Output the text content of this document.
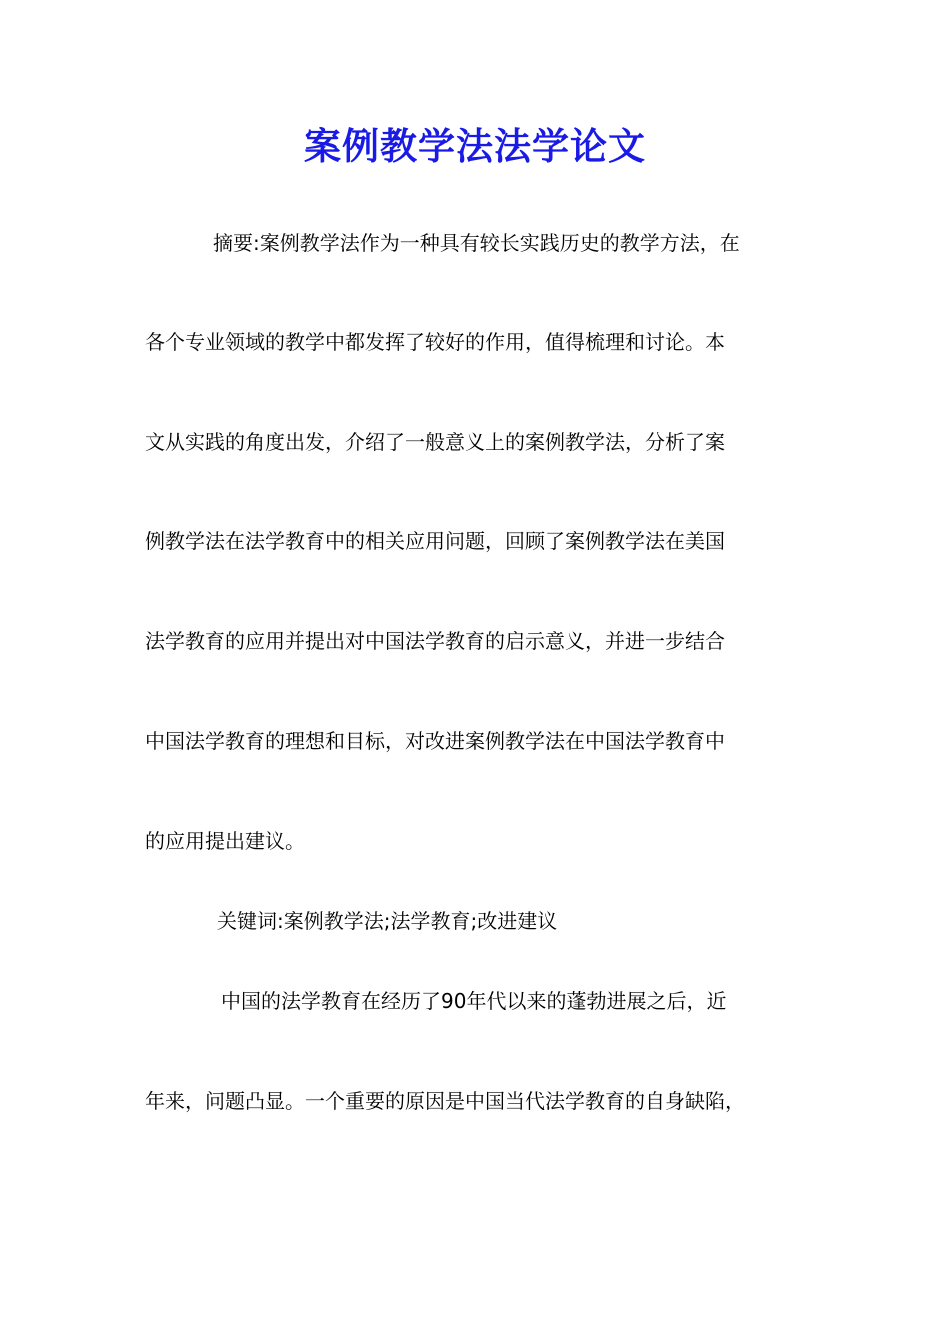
案例教学法法学论文
摘要:案例教学法作为一种具有较长实践历史的教学方法，在
各个专业领域的教学中都发挥了较好的作用，值得梳理和讨论。本
文从实践的角度出发，介绍了一般意义上的案例教学法，分析了案
例教学法在法学教育中的相关应用问题，回顾了案例教学法在美国
法学教育的应用并提出对中国法学教育的启示意义，并进一步结合
中国法学教育的理想和目标，对改进案例教学法在中国法学教育中
的应用提出建议。
关键词:案例教学法;法学教育;改进建议
中国的法学教育在经历了90年代以来的蓬勃进展之后，近
年来，问题凸显。一个重要的原因是中国当代法学教育的自身缺陷，
